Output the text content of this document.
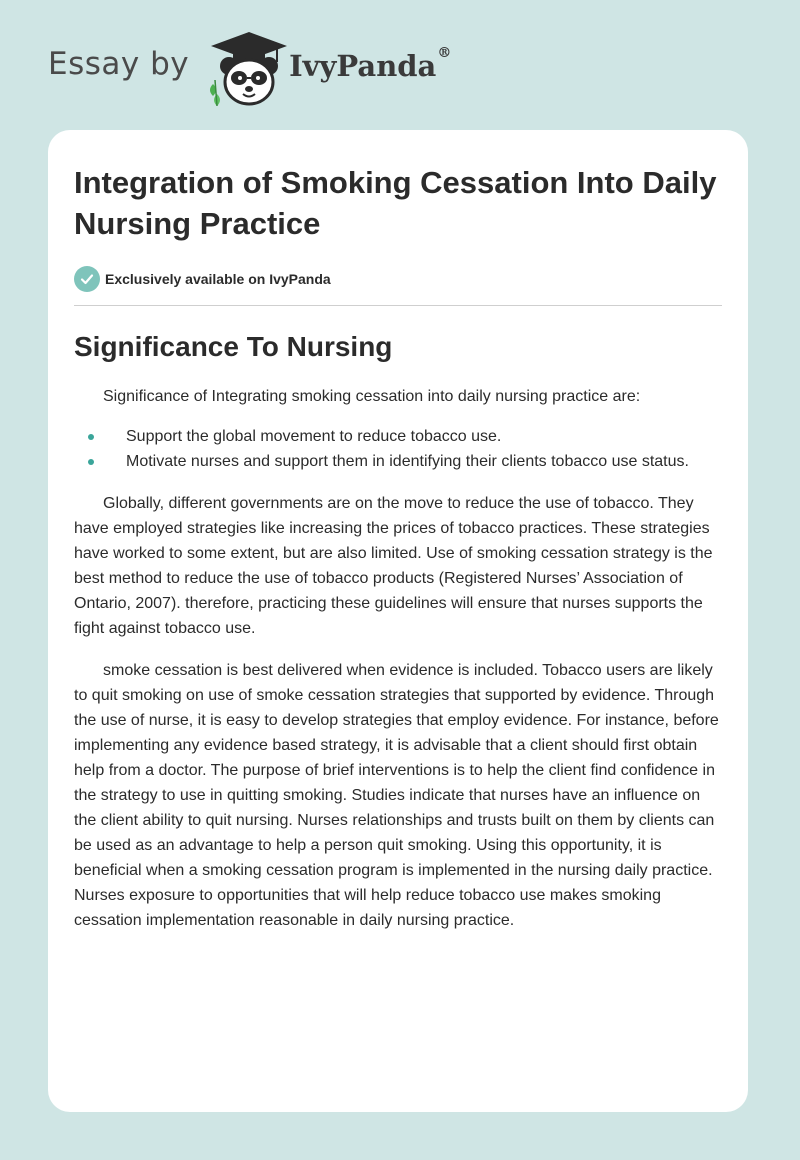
Essay by	IvyPanda®
Integration of Smoking Cessation Into Daily Nursing Practice
Exclusively available on IvyPanda
Significance To Nursing

Significance of Integrating smoking cessation into daily nursing practice are:

Support the global movement to reduce tobacco use.
Motivate nurses and support them in identifying their clients tobacco use status.

Globally, different governments are on the move to reduce the use of tobacco. They have employed strategies like increasing the prices of tobacco practices. These strategies have worked to some extent, but are also limited. Use of smoking cessation strategy is the best method to reduce the use of tobacco products (Registered Nurses’ Association of Ontario, 2007). therefore, practicing these guidelines will ensure that nurses supports the fight against tobacco use.

smoke cessation is best delivered when evidence is included. Tobacco users are likely to quit smoking on use of smoke cessation strategies that supported by evidence. Through the use of nurse, it is easy to develop strategies that employ evidence. For instance, before implementing any evidence based strategy, it is advisable that a client should first obtain help from a doctor. The purpose of brief interventions is to help the client find confidence in the strategy to use in quitting smoking. Studies indicate that nurses have an influence on the client ability to quit nursing. Nurses relationships and trusts built on them by clients can be used as an advantage to help a person quit smoking. Using this opportunity, it is beneficial when a smoking cessation program is implemented in the nursing daily practice. Nurses exposure to opportunities that will help reduce tobacco use makes smoking cessation implementation reasonable in daily nursing practice.
